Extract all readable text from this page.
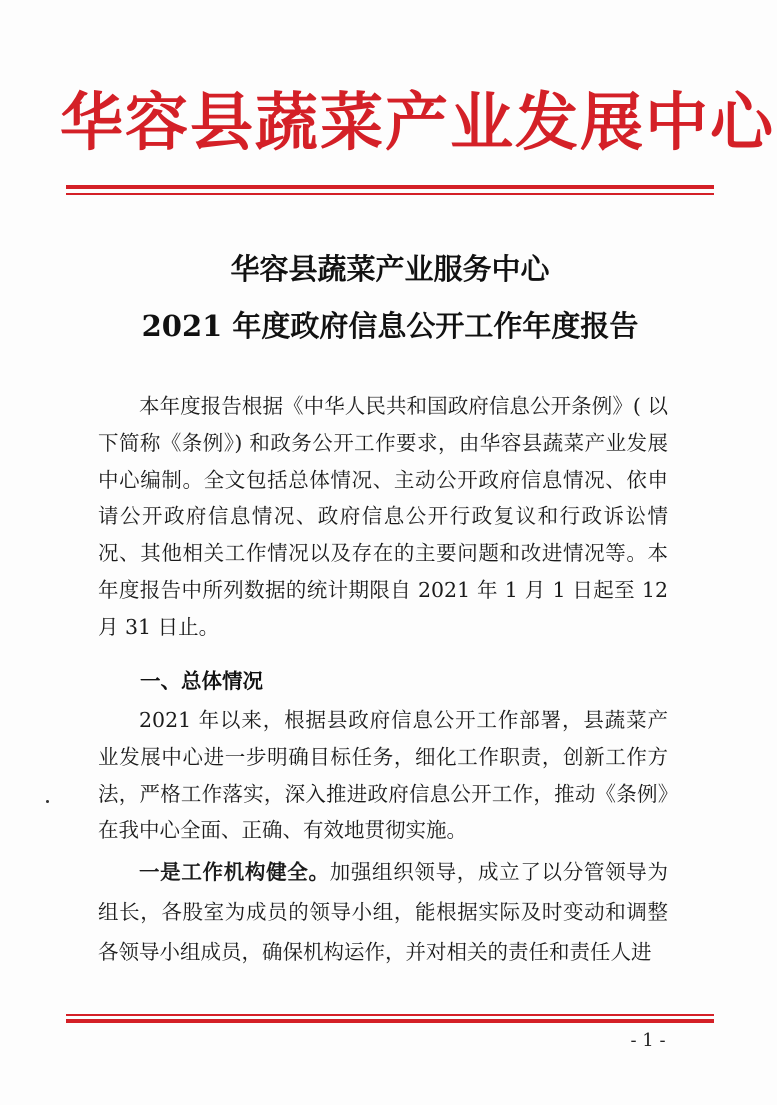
华容县蔬菜产业发展中心
华容县蔬菜产业服务中心
2021 年度政府信息公开工作年度报告

本年度报告根据《中华人民共和国政府信息公开条例》( 以下简称《条例》) 和政务公开工作要求，由华容县蔬菜产业发展中心编制。全文包括总体情况、主动公开政府信息情况、依申请公开政府信息情况、政府信息公开行政复议和行政诉讼情况、其他相关工作情况以及存在的主要问题和改进情况等。本年度报告中所列数据的统计期限自 2021 年 1 月 1 日起至 12 月 31 日止。

一、总体情况

2021 年以来，根据县政府信息公开工作部署，县蔬菜产业发展中心进一步明确目标任务，细化工作职责，创新工作方法，严格工作落实，深入推进政府信息公开工作，推动《条例》在我中心全面、正确、有效地贯彻实施。

一是工作机构健全。加强组织领导，成立了以分管领导为组长，各股室为成员的领导小组，能根据实际及时变动和调整各领导小组成员，确保机构运作，并对相关的责任和责任人进
- 1 -
